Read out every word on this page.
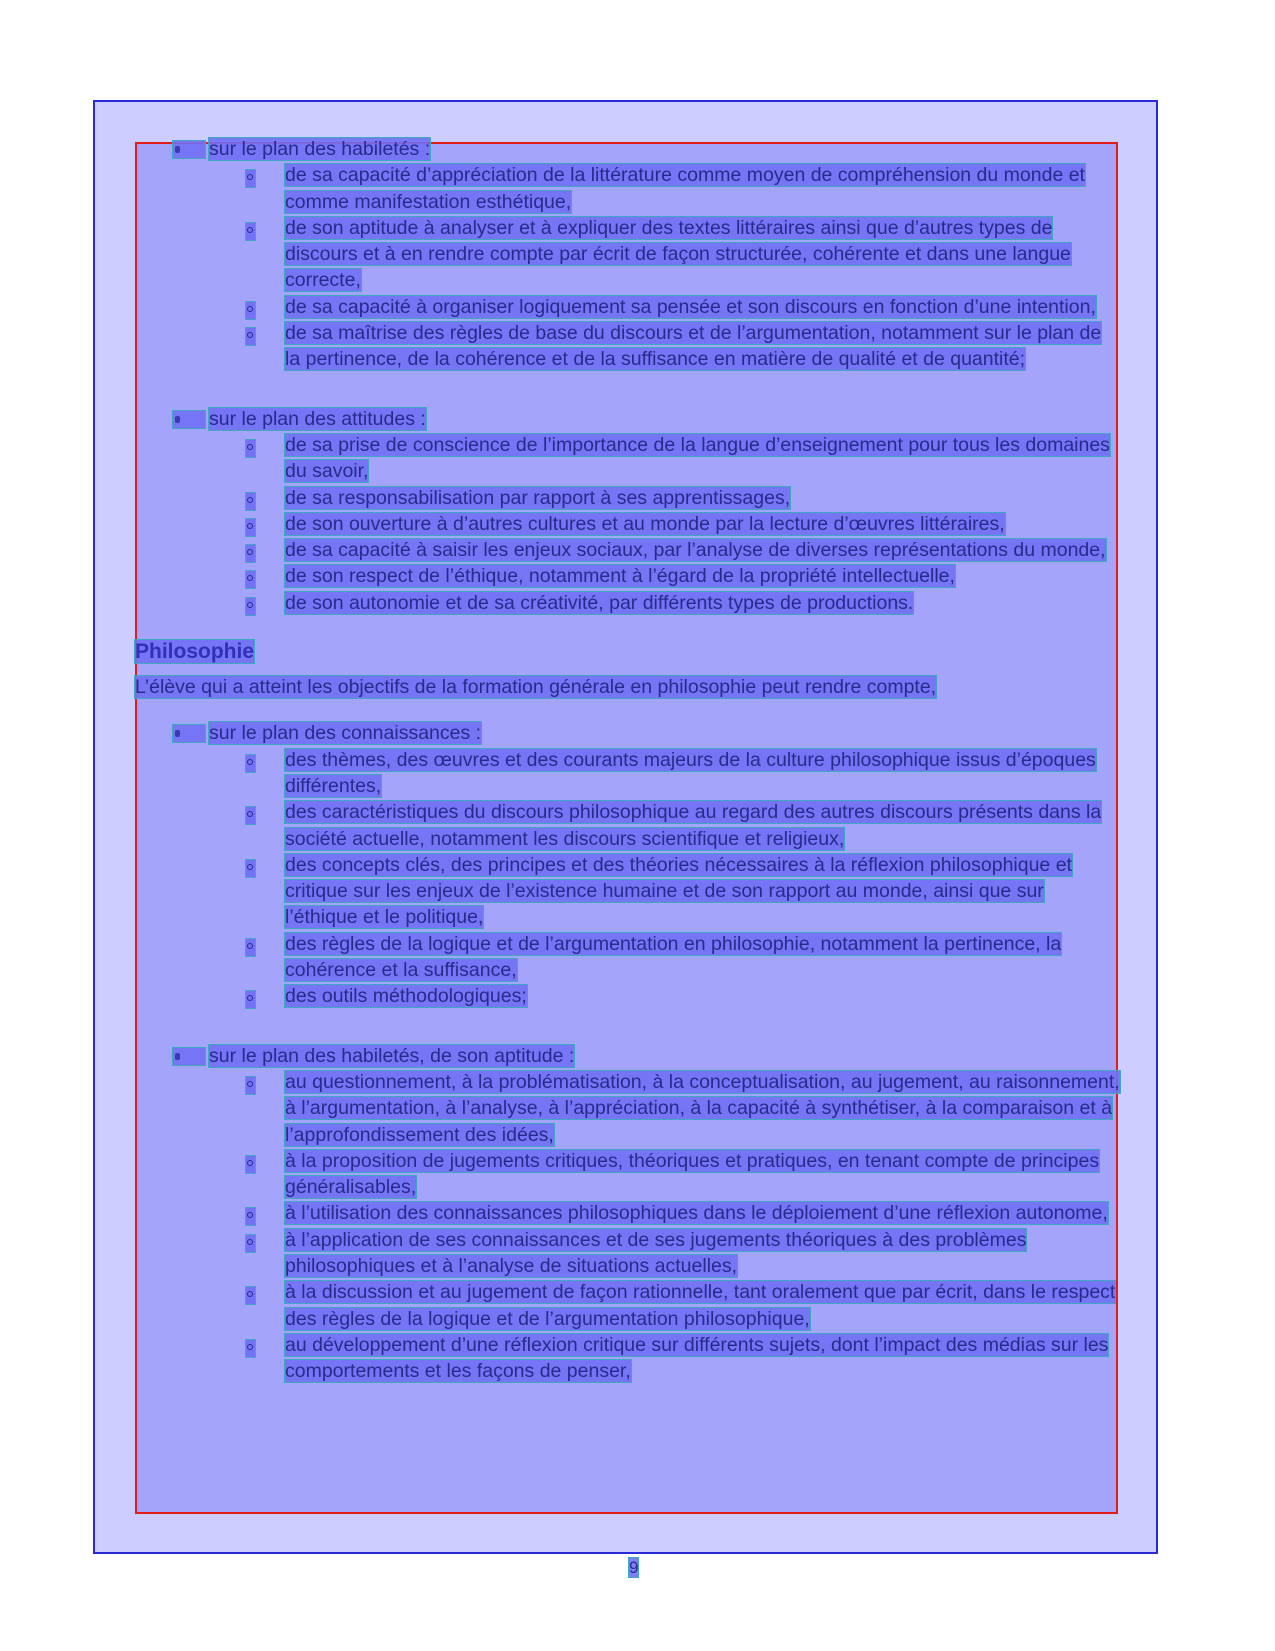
sur le plan des habiletés :
de sa capacité d’appréciation de la littérature comme moyen de compréhension du monde et comme manifestation esthétique,
de son aptitude à analyser et à expliquer des textes littéraires ainsi que d’autres types de discours et à en rendre compte par écrit de façon structurée, cohérente et dans une langue correcte,
de sa capacité à organiser logiquement sa pensée et son discours en fonction d’une intention,
de sa maîtrise des règles de base du discours et de l’argumentation, notamment sur le plan de la pertinence, de la cohérence et de la suffisance en matière de qualité et de quantité;
sur le plan des attitudes :
de sa prise de conscience de l’importance de la langue d’enseignement pour tous les domaines du savoir,
de sa responsabilisation par rapport à ses apprentissages,
de son ouverture à d’autres cultures et au monde par la lecture d’œuvres littéraires,
de sa capacité à saisir les enjeux sociaux, par l’analyse de diverses représentations du monde,
de son respect de l’éthique, notamment à l’égard de la propriété intellectuelle,
de son autonomie et de sa créativité, par différents types de productions.
Philosophie

L’élève qui a atteint les objectifs de la formation générale en philosophie peut rendre compte,

sur le plan des connaissances :
des thèmes, des œuvres et des courants majeurs de la culture philosophique issus d’époques différentes,
des caractéristiques du discours philosophique au regard des autres discours présents dans la société actuelle, notamment les discours scientifique et religieux,
des concepts clés, des principes et des théories nécessaires à la réflexion philosophique et critique sur les enjeux de l’existence humaine et de son rapport au monde, ainsi que sur l’éthique et le politique,
des règles de la logique et de l’argumentation en philosophie, notamment la pertinence, la cohérence et la suffisance,
des outils méthodologiques;
sur le plan des habiletés, de son aptitude :
au questionnement, à la problématisation, à la conceptualisation, au jugement, au raisonnement, à l’argumentation, à l’analyse, à l’appréciation, à la capacité à synthétiser, à la comparaison et à l’approfondissement des idées,
à la proposition de jugements critiques, théoriques et pratiques, en tenant compte de principes généralisables,
à l’utilisation des connaissances philosophiques dans le déploiement d’une réflexion autonome,
à l’application de ses connaissances et de ses jugements théoriques à des problèmes philosophiques et à l’analyse de situations actuelles,
à la discussion et au jugement de façon rationnelle, tant oralement que par écrit, dans le respect des règles de la logique et de l’argumentation philosophique,
au développement d’une réflexion critique sur différents sujets, dont l’impact des médias sur les comportements et les façons de penser,
9
